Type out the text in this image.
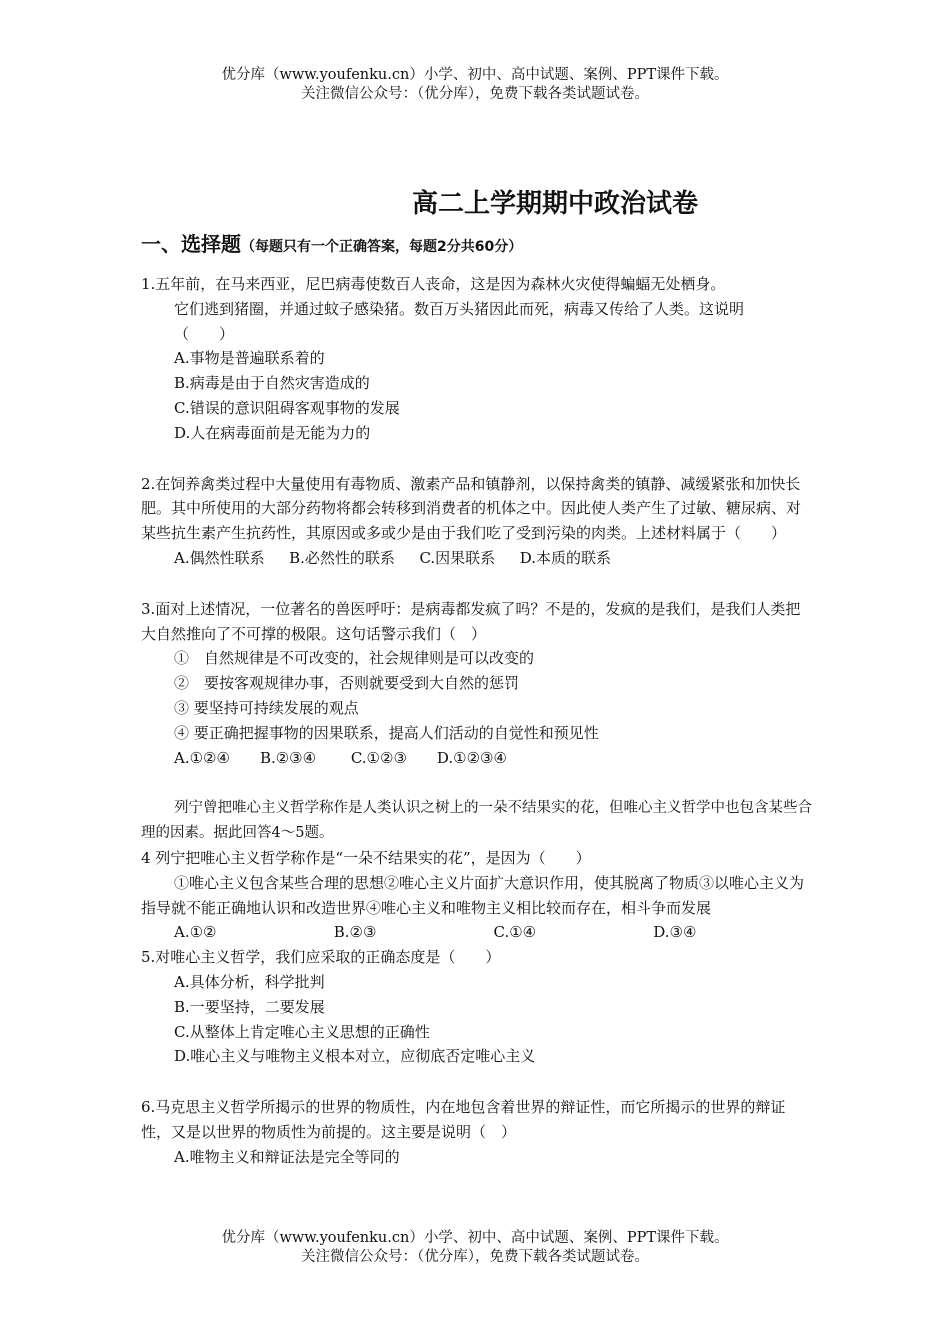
优分库（www.youfenku.cn）小学、初中、高中试题、案例、PPT课件下载。
关注微信公众号：（优分库），免费下载各类试题试卷。
高二上学期期中政治试卷
一、选择题（每题只有一个正确答案，每题2分共60分）
1.五年前，在马来西亚，尼巴病毒使数百人丧命，这是因为森林火灾使得蝙蝠无处栖身。
它们逃到猪圈，并通过蚊子感染猪。数百万头猪因此而死，病毒又传给了人类。这说明
（　　）
A.事物是普遍联系着的
B.病毒是由于自然灾害造成的
C.错误的意识阻碍客观事物的发展
D.人在病毒面前是无能为力的
2.在饲养禽类过程中大量使用有毒物质、激素产品和镇静剂，以保持禽类的镇静、减缓紧张和加快长肥。其中所使用的大部分药物将都会转移到消费者的机体之中。因此使人类产生了过敏、糖尿病、对某些抗生素产生抗药性，其原因或多或少是由于我们吃了受到污染的肉类。上述材料属于（　　）
A.偶然性联系　  B.必然性的联系　  C.因果联系　  D.本质的联系
3.面对上述情况，一位著名的兽医呼吁：是病毒都发疯了吗？不是的，发疯的是我们，是我们人类把大自然推向了不可撑的极限。这句话警示我们（　）
①　自然规律是不可改变的，社会规律则是可以改变的
②　要按客观规律办事，否则就要受到大自然的惩罚
③ 要坚持可持续发展的观点
④ 要正确把握事物的因果联系，提高人们活动的自觉性和预见性
A.①②④　　B.②③④　　 C.①②③　　D.①②③④
列宁曾把唯心主义哲学称作是人类认识之树上的一朵不结果实的花，但唯心主义哲学中也包含某些合理的因素。据此回答4～5题。
4 列宁把唯心主义哲学称作是“一朵不结果实的花”，是因为（　　）
①唯心主义包含某些合理的思想②唯心主义片面扩大意识作用，使其脱离了物质③以唯心主义为指导就不能正确地认识和改造世界④唯心主义和唯物主义相比较而存在，相斗争而发展
A.①②	B.②③	C.①④	D.③④
5.对唯心主义哲学，我们应采取的正确态度是（　　）
A.具体分析，科学批判
B.一要坚持，二要发展
C.从整体上肯定唯心主义思想的正确性
D.唯心主义与唯物主义根本对立，应彻底否定唯心主义
6.马克思主义哲学所揭示的世界的物质性，内在地包含着世界的辩证性，而它所揭示的世界的辩证性，又是以世界的物质性为前提的。这主要是说明（　）
A.唯物主义和辩证法是完全等同的
优分库（www.youfenku.cn）小学、初中、高中试题、案例、PPT课件下载。
关注微信公众号：（优分库），免费下载各类试题试卷。
